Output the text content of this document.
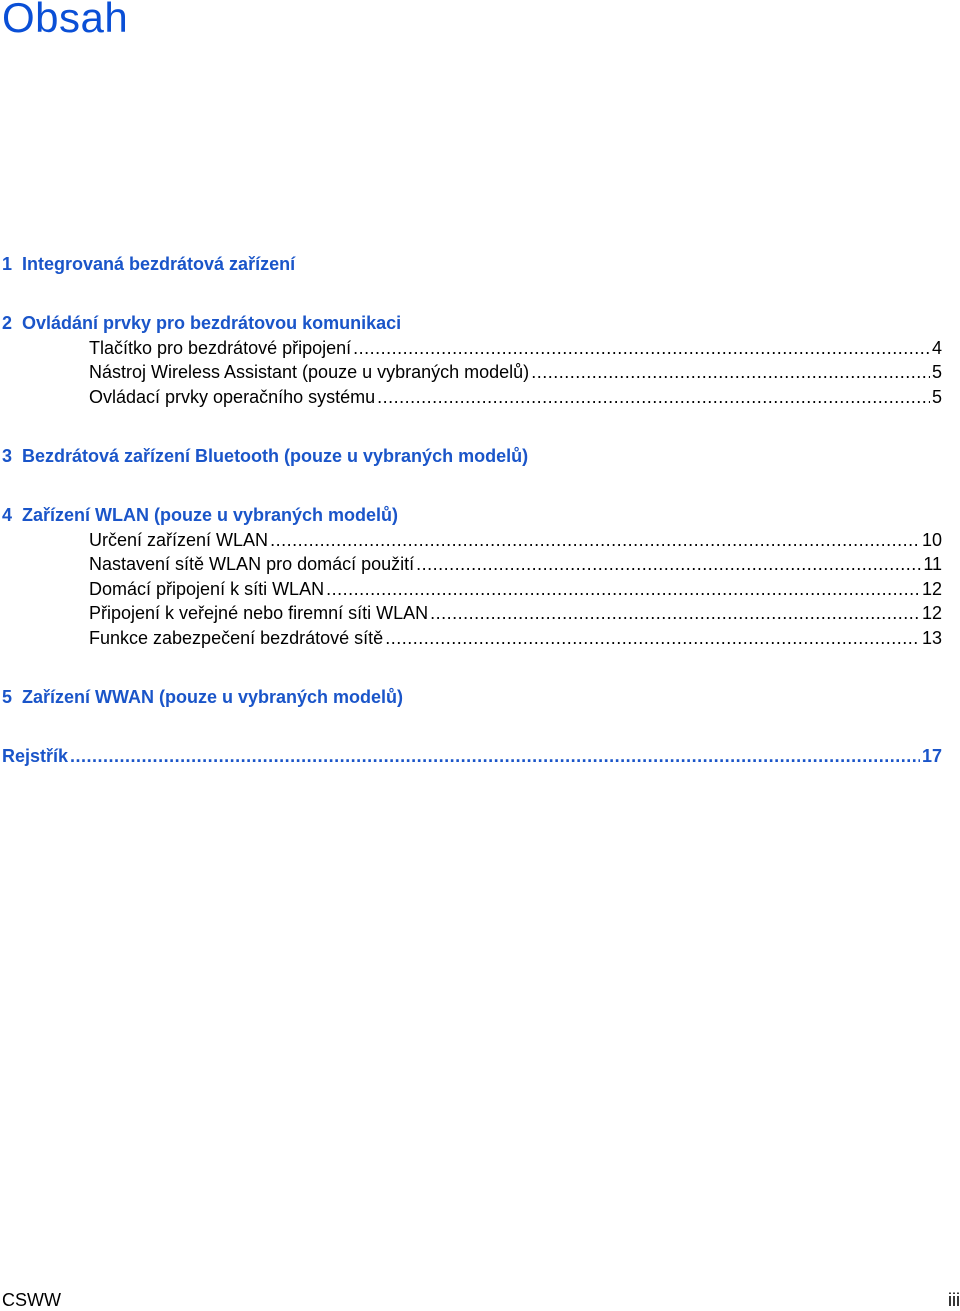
Obsah
1 Integrovaná bezdrátová zařízení
2 Ovládání prvky pro bezdrátovou komunikaci
Tlačítko pro bezdrátové připojení .....	4
Nástroj Wireless Assistant (pouze u vybraných modelů) .....	5
Ovládací prvky operačního systému .....	5
3 Bezdrátová zařízení Bluetooth (pouze u vybraných modelů)
4 Zařízení WLAN (pouze u vybraných modelů)
Určení zařízení WLAN .....	10
Nastavení sítě WLAN pro domácí použití .....	11
Domácí připojení k síti WLAN .....	12
Připojení k veřejné nebo firemní síti WLAN .....	12
Funkce zabezpečení bezdrátové sítě .....	13
5 Zařízení WWAN (pouze u vybraných modelů)
Rejstřík .....	17
CSWW	iii
